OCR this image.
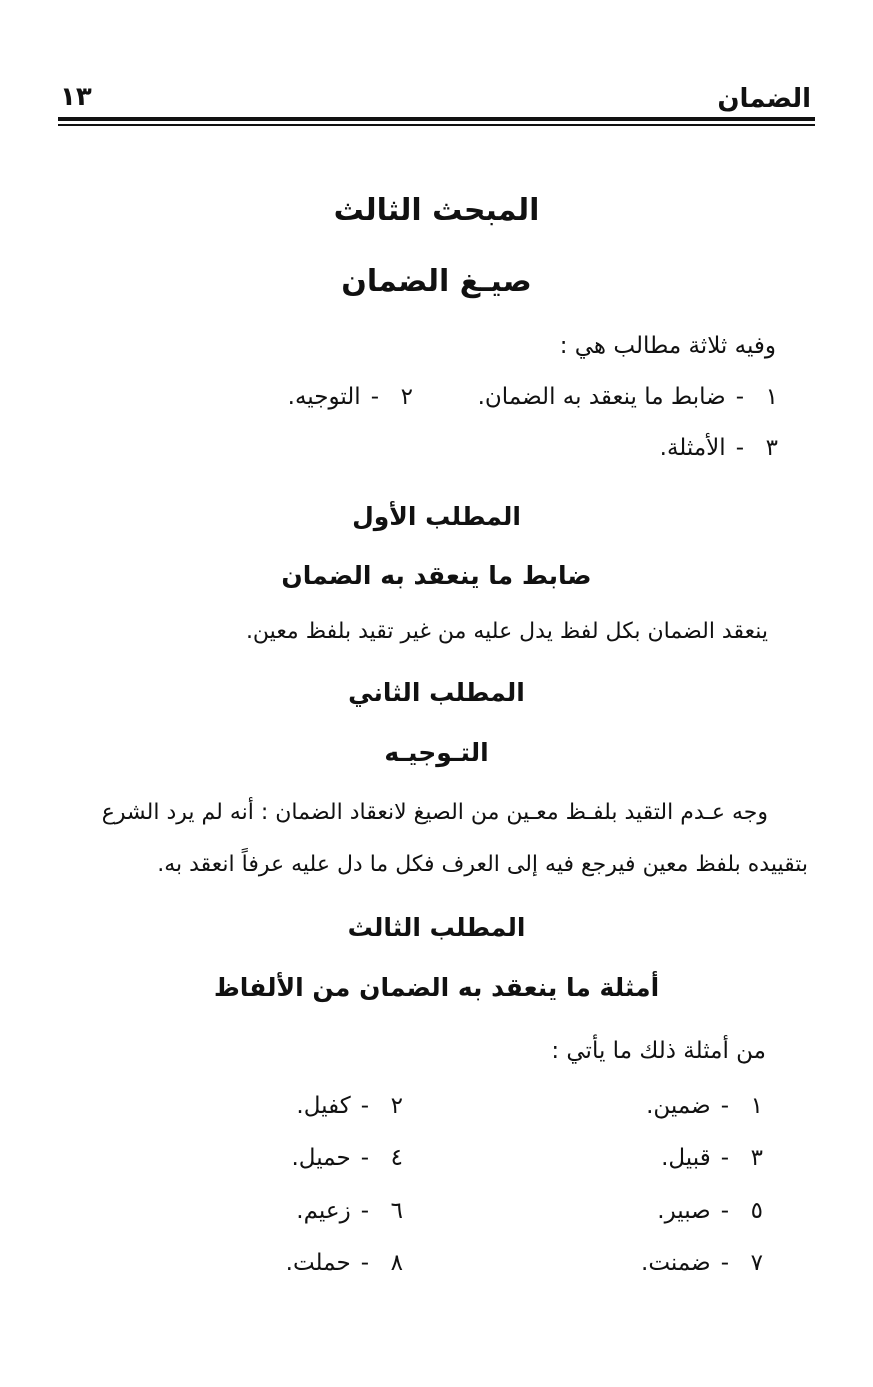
الضمان
١٣
المبحث الثالث
صيـغ الضمان
وفيه ثلاثة مطالب هي :
١-ضابط ما ينعقد به الضمان.
٢-التوجيه.
٣-الأمثلة.
المطلب الأول
ضابط ما ينعقد به الضمان
ينعقد الضمان بكل لفظ يدل عليه من غير تقيد بلفظ معين.
المطلب الثاني
التـوجيـه
وجه عـدم التقيد بلفـظ معـين من الصيغ لانعقاد الضمان : أنه لم يرد الشرع
بتقييده بلفظ معين فيرجع فيه إلى العرف فكل ما دل عليه عرفاً انعقد به.
المطلب الثالث
أمثلة ما ينعقد به الضمان من الألفاظ
من أمثلة ذلك ما يأتي :
١-ضمين.
٣-قبيل.
٥-صبير.
٧-ضمنت.
٢-كفيل.
٤-حميل.
٦-زعيم.
٨-حملت.
